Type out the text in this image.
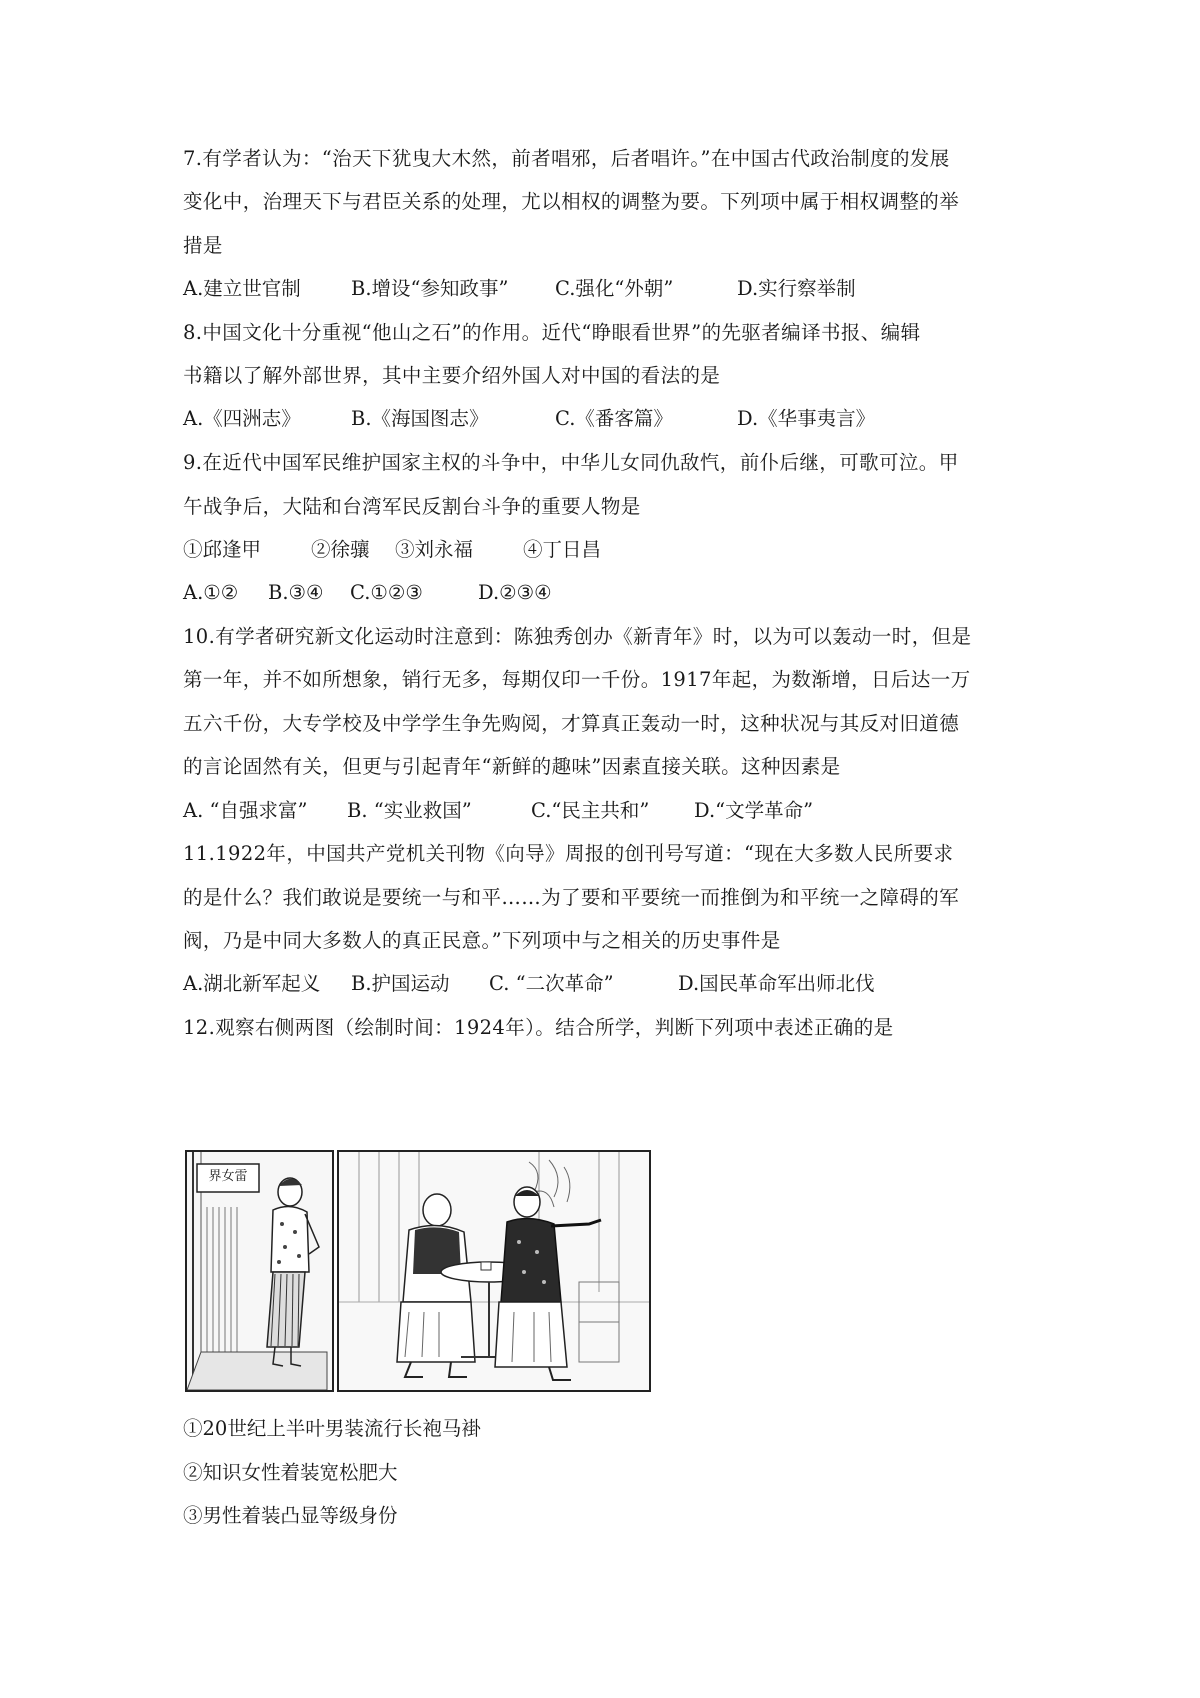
7.有学者认为：“治天下犹曳大木然，前者唱邪，后者唱许。”在中国古代政治制度的发展
变化中，治理天下与君臣关系的处理，尤以相权的调整为要。下列项中属于相权调整的举
措是
A.建立世官制	B.增设“参知政事” C.强化“外朝”	D.实行察举制
8.中国文化十分重视“他山之石”的作用。近代“睁眼看世界”的先驱者编译书报、编辑
书籍以了解外部世界，其中主要介绍外国人对中国的看法的是
A.《四洲志》	B.《海国图志》	C.《番客篇》	D.《华事夷言》
9.在近代中国军民维护国家主权的斗争中，中华儿女同仇敌忾，前仆后继，可歌可泣。甲
午战争后，大陆和台湾军民反割台斗争的重要人物是
①邱逢甲	②徐骧 ③刘永福	④丁日昌
A.①② B.③④ C.①②③	D.②③④
10.有学者研究新文化运动时注意到：陈独秀创办《新青年》时，以为可以轰动一时，但是
第一年，并不如所想象，销行无多，每期仅印一千份。1917年起，为数渐增，日后达一万
五六千份，大专学校及中学学生争先购阅，才算真正轰动一时，这种状况与其反对旧道德
的言论固然有关，但更与引起青年“新鲜的趣味”因素直接关联。这种因素是
A. “自强求富” B. “实业救国”	C.“民主共和” D.“文学革命”
11.1922年，中国共产党机关刊物《向导》周报的创刊号写道：“现在大多数人民所要求
的是什么？我们敢说是要统一与和平……为了要和平要统一而推倒为和平统一之障碍的军
阀，乃是中同大多数人的真正民意。”下列项中与之相关的历史事件是
A.湖北新军起义 B.护国运动 C. “二次革命”	D.国民革命军出师北伐
12.观察右侧两图（绘制时间：1924年）。结合所学，判断下列项中表述正确的是
界女雷
①20世纪上半叶男装流行长袍马褂
②知识女性着装宽松肥大
③男性着装凸显等级身份
